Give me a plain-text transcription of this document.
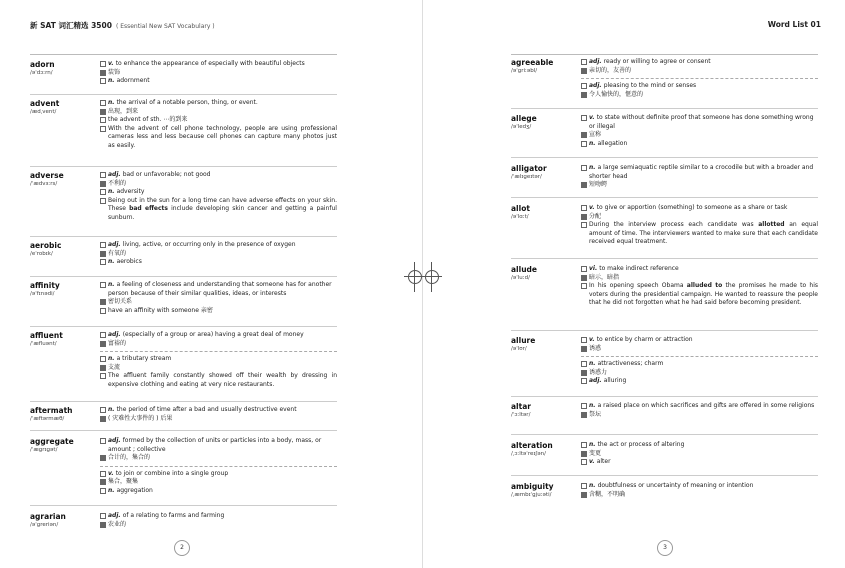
新 SAT 词汇精选 3500 ( Essential New SAT Vocabulary )
adorn
/əˈdɔːrn/
v. to enhance the appearance of especially with beautiful objects
装饰
n. adornment
advent
/ædˌvent/
n. the arrival of a notable person, thing, or event.
出现，到来
the advent of sth. ⋯的到来
With the advent of cell phone technology, people are using professional cameras less and less because cell phones can capture many photos just as easily.
adverse
/ˈædvɜːrs/
adj. bad or unfavorable; not good
不利的
n. adversity
Being out in the sun for a long time can have adverse effects on your skin. These bad effects include developing skin cancer and getting a painful sunburn.
aerobic
/eˈrobɪk/
adj. living, active, or occurring only in the presence of oxygen
有氧的
n. aerobics
affinity
/əˈfɪnədi/
n. a feeling of closeness and understanding that someone has for another person because of their similar qualities, ideas, or interests
密切关系
have an affinity with someone 亲密
affluent
/ˈæfluənt/
adj. (especially of a group or area) having a great deal of money
富裕的
n. a tributary stream
支流
The affluent family constantly showed off their wealth by dressing in expensive clothing and eating at very nice restaurants.
aftermath
/ˈæftərmæθ/
n. the period of time after a bad and usually destructive event
( 灾难性大事件的 ) 后果
aggregate
/ˈæɡrɪɡət/
adj. formed by the collection of units or particles into a body, mass, or amount ; collective
合计的，集合的
v. to join or combine into a single group
集合，聚集
n. aggregation
agrarian
/əˈɡreriən/
adj. of a relating to farms and farming
农业的
2
Word List 01
agreeable
/əˈɡriːəbl/
adj. ready or willing to agree or consent
亲切的，友善的
adj. pleasing to the mind or senses
令人愉快的，惬意的
allege
/əˈledʒ/
v. to state without definite proof that someone has done something wrong or illegal
宣称
n. allegation
alligator
/ˈælɪɡeɪtər/
n. a large semiaquatic reptile similar to a crocodile but with a broader and shorter head
短吻鳄
allot
/əˈlɑːt/
v. to give or apportion (something) to someone as a share or task
分配
During the interview process each candidate was allotted an equal amount of time. The interviewers wanted to make sure that each candidate received equal treatment.
allude
/əˈluːd/
vi. to make indirect reference
暗示，暗指
In his opening speech Obama alluded to the promises he made to his voters during the presidential campaign. He wanted to reassure the people that he did not forgotten what he had said before becoming president.
allure
/əˈlʊr/
v. to entice by charm or attraction
诱惑
n. attractiveness; charm
诱惑力
adj. alluring
altar
/ˈɔːltər/
n. a raised place on which sacrifices and gifts are offered in some religions
祭坛
alteration
/ˌɔːltəˈreɪʃən/
n. the act or process of altering
变更
v. alter
ambiguity
/ˌæmbɪˈɡjuːəti/
n. doubtfulness or uncertainty of meaning or intention
含糊，不明确
3
